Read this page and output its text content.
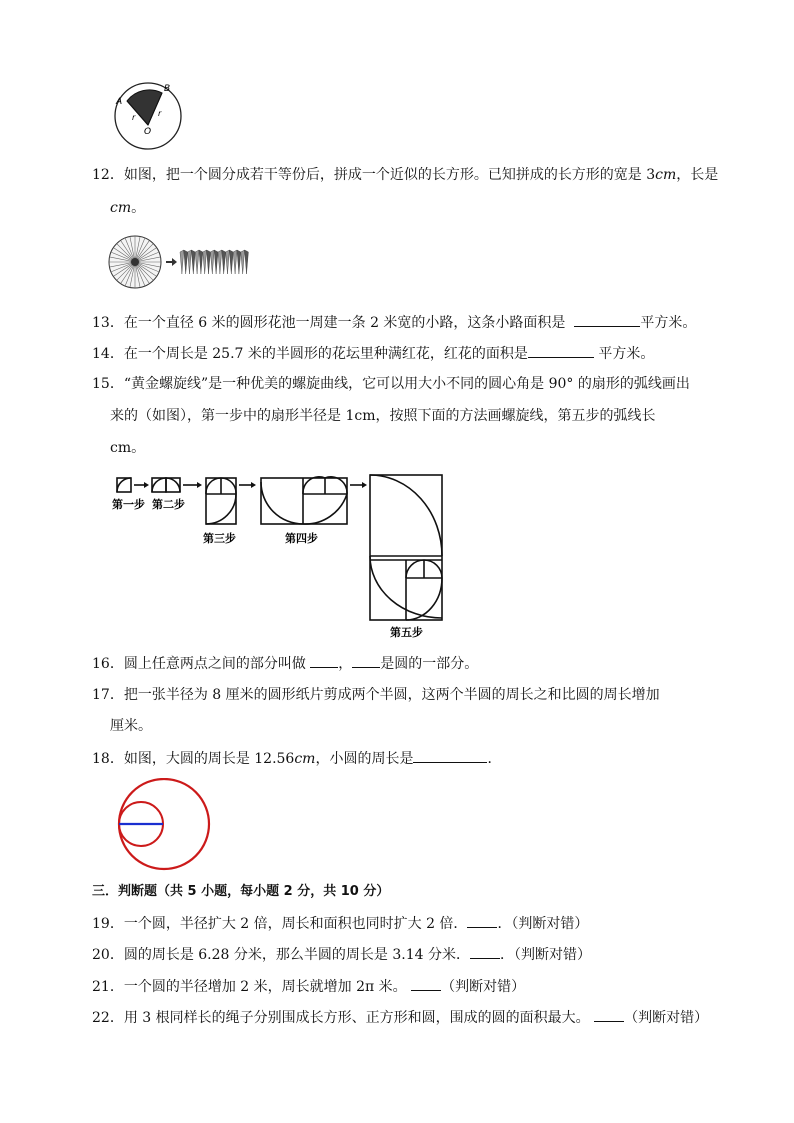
A
B
O
r	r
12．如图，把一个圆分成若干等份后，拼成一个近似的长方形。已知拼成的长方形的宽是 3cm，长是
cm。
13．在一个直径 6 米的圆形花池一周建一条 2 米宽的小路，这条小路面积是	平方米。
14．在一个周长是 25.7 米的半圆形的花坛里种满红花，红花的面积是	平方米。
15．“黄金螺旋线”是一种优美的螺旋曲线，它可以用大小不同的圆心角是 90° 的扇形的弧线画出
来的（如图），第一步中的扇形半径是 1cm，按照下面的方法画螺旋线，第五步的弧线长
cm。
第一步 第二步
第三步	第四步
第五步
16．圆上任意两点之间的部分叫做 ， 是圆的一部分。
17．把一张半径为 8 厘米的圆形纸片剪成两个半圆，这两个半圆的周长之和比圆的周长增加
厘米。
18．如图，大圆的周长是 12.56cm，小圆的周长是	．
三．判断题（共 5 小题，每小题 2 分，共 10 分）
19．一个圆，半径扩大 2 倍，周长和面积也同时扩大 2 倍． ．（判断对错）
20．圆的周长是 6.28 分米，那么半圆的周长是 3.14 分米． ．（判断对错）
21．一个圆的半径增加 2 米，周长就增加 2π 米。 （判断对错）
22．用 3 根同样长的绳子分别围成长方形、正方形和圆，围成的圆的面积最大。 （判断对错）
